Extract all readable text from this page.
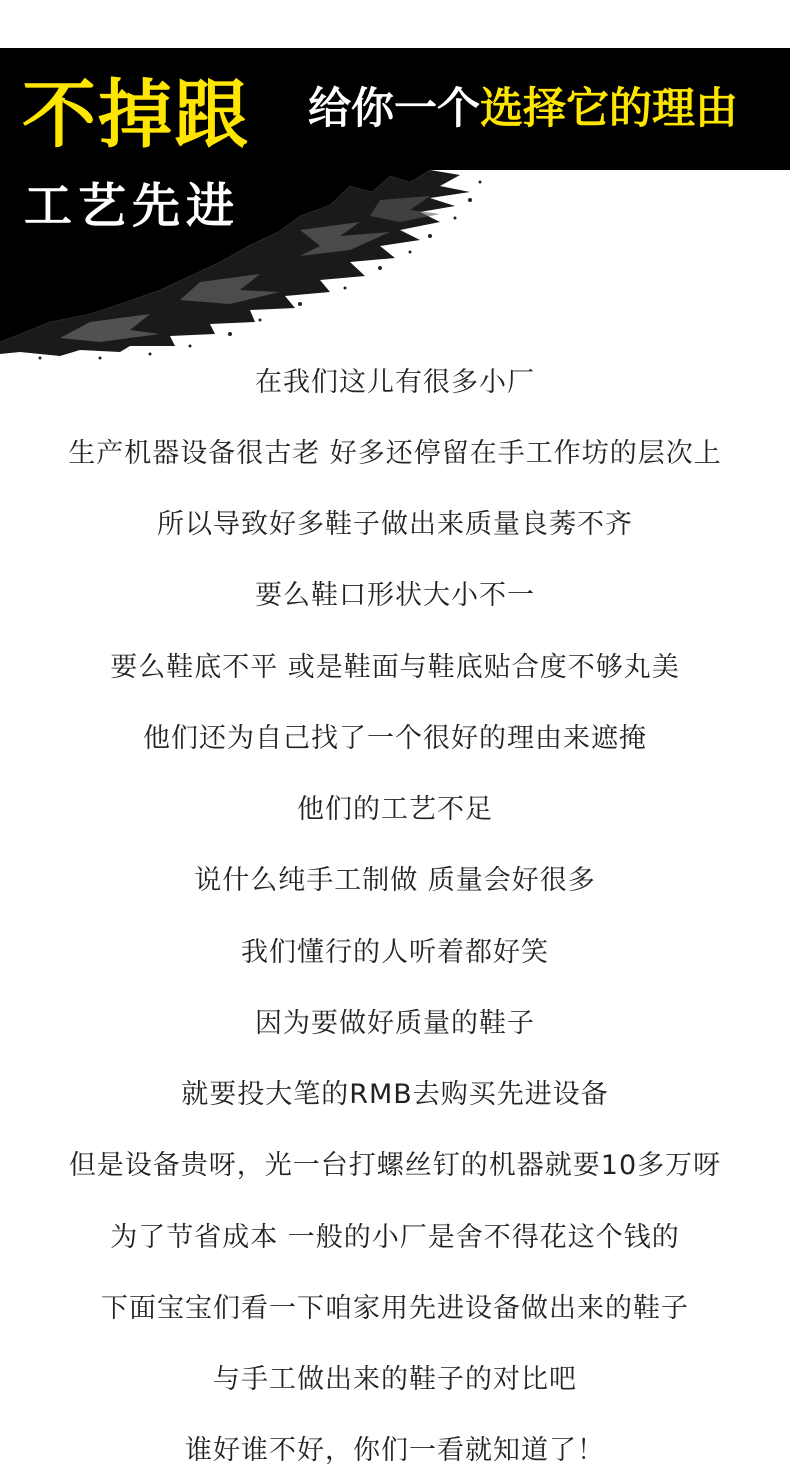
不掉跟
工艺先进
给你一个选择它的理由
在我们这儿有很多小厂
生产机器设备很古老 好多还停留在手工作坊的层次上
所以导致好多鞋子做出来质量良莠不齐
要么鞋口形状大小不一
要么鞋底不平 或是鞋面与鞋底贴合度不够丸美
他们还为自己找了一个很好的理由来遮掩
他们的工艺不足
说什么纯手工制做 质量会好很多
我们懂行的人听着都好笑
因为要做好质量的鞋子
就要投大笔的RMB去购买先进设备
但是设备贵呀，光一台打螺丝钉的机器就要10多万呀
为了节省成本 一般的小厂是舍不得花这个钱的
下面宝宝们看一下咱家用先进设备做出来的鞋子
与手工做出来的鞋子的对比吧
谁好谁不好，你们一看就知道了！
